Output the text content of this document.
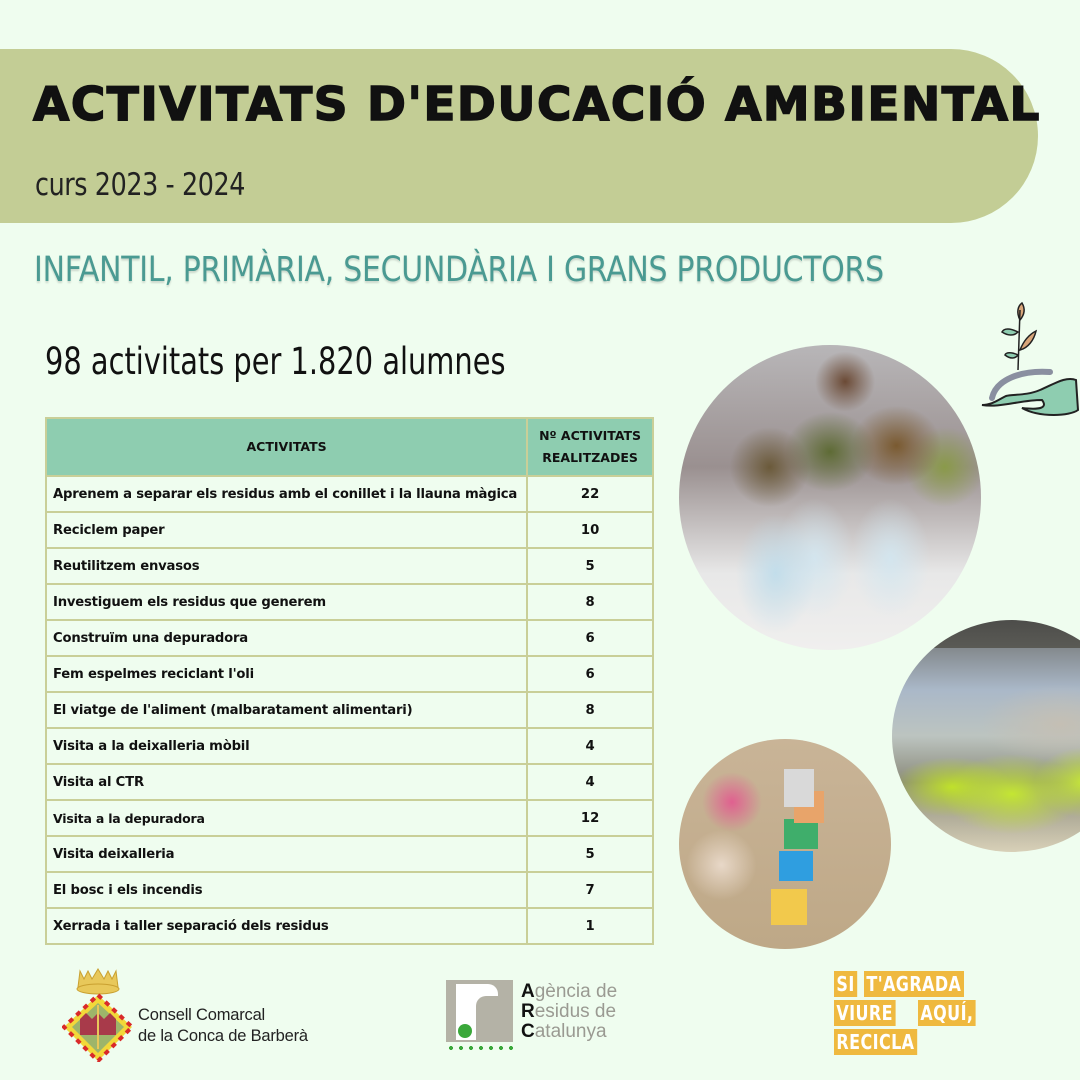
ACTIVITATS D'EDUCACIÓ AMBIENTAL
curs 2023 - 2024
INFANTIL, PRIMÀRIA, SECUNDÀRIA I GRANS PRODUCTORS
98 activitats per 1.820 alumnes
ACTIVITATS	Nº ACTIVITATS
REALITZADES
Aprenem a separar els residus amb el conillet i la llauna màgica	22
Reciclem paper	10
Reutilitzem envasos	5
Investiguem els residus que generem	8
Construïm una depuradora	6
Fem espelmes reciclant l'oli	6
El viatge de l'aliment (malbaratament alimentari)	8
Visita a la deixalleria mòbil	4
Visita al CTR	4
Visita a la depuradora	12
Visita deixalleria	5
El bosc i els incendis	7
Xerrada i taller separació dels residus	1
Consell Comarcal
de la Conca de Barberà
Agència de
Residus de
Catalunya
SI T'AGRADA
VIURE AQUÍ,
RECICLA
